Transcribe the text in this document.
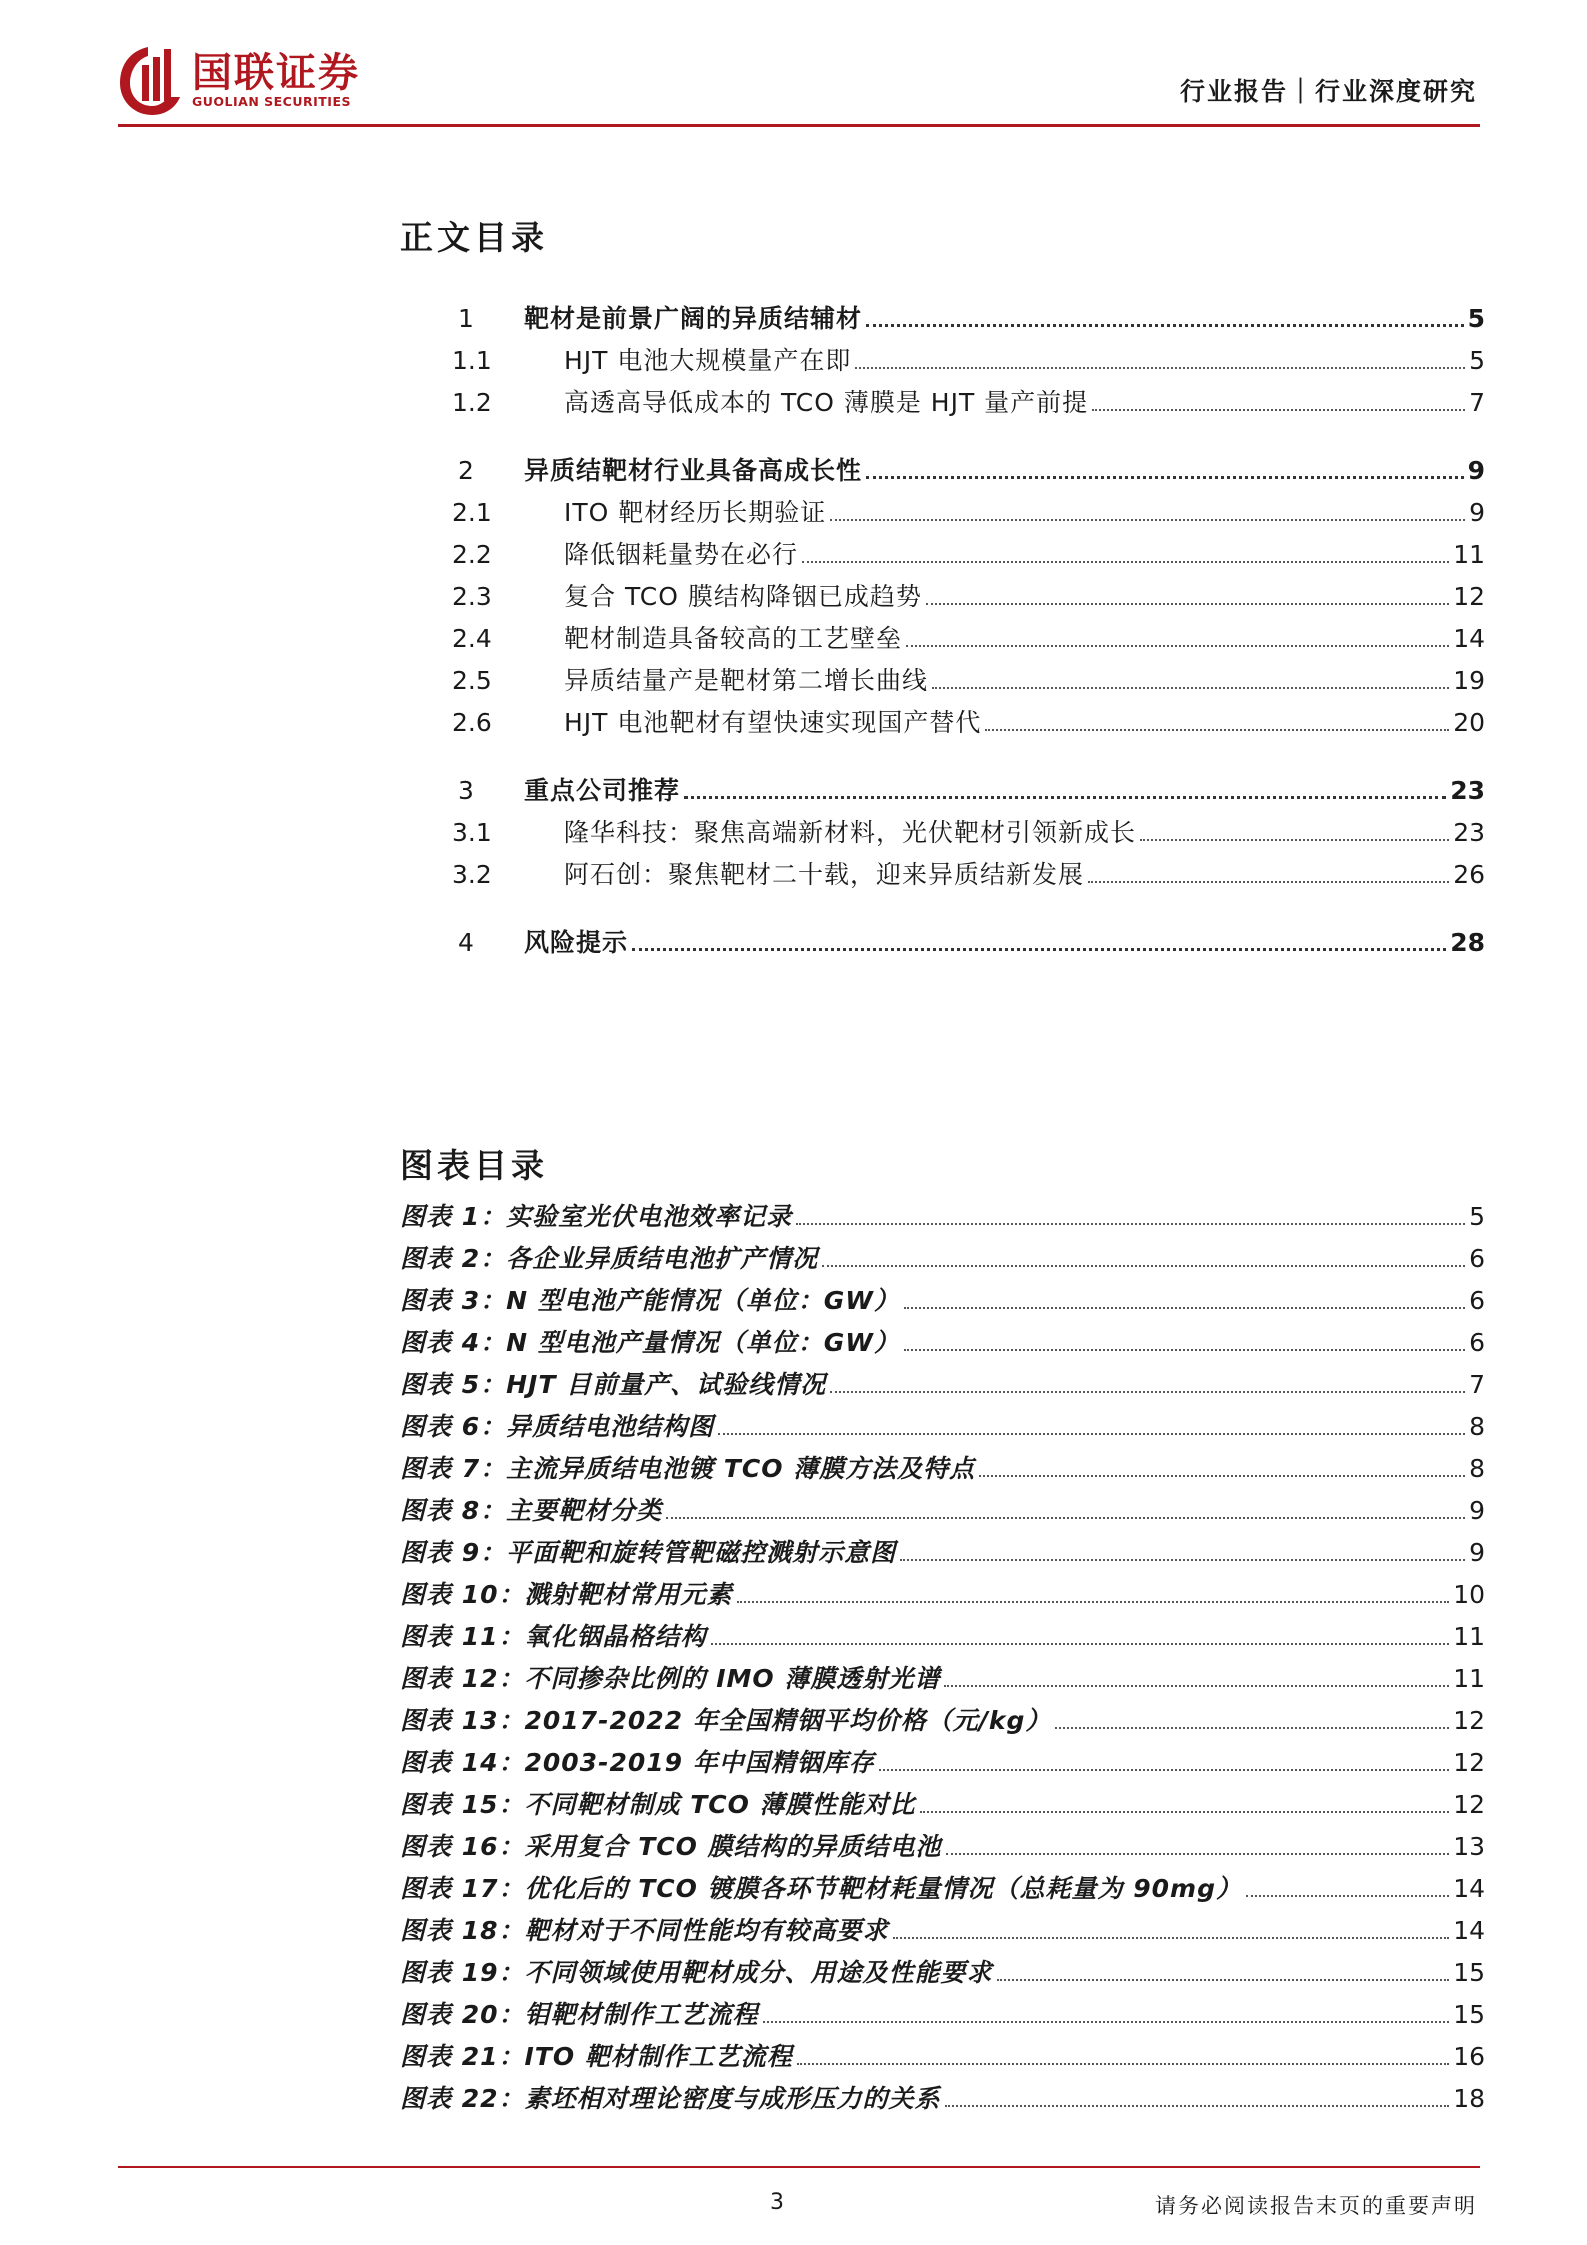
国联证券
GUOLIAN SECURITIES	行业报告｜行业深度研究
正文目录
1	靶材是前景广阔的异质结辅材	5
1.1	HJT 电池大规模量产在即	5
1.2	高透高导低成本的 TCO 薄膜是 HJT 量产前提	7
2	异质结靶材行业具备高成长性	9
2.1	ITO 靶材经历长期验证	9
2.2	降低铟耗量势在必行	11
2.3	复合 TCO 膜结构降铟已成趋势	12
2.4	靶材制造具备较高的工艺壁垒	14
2.5	异质结量产是靶材第二增长曲线	19
2.6	HJT 电池靶材有望快速实现国产替代	20
3	重点公司推荐	23
3.1	隆华科技：聚焦高端新材料，光伏靶材引领新成长	23
3.2	阿石创：聚焦靶材二十载，迎来异质结新发展	26
4	风险提示	28
图表目录
图表 1：实验室光伏电池效率记录	5
图表 2：各企业异质结电池扩产情况	6
图表 3：N 型电池产能情况（单位：GW）	6
图表 4：N 型电池产量情况（单位：GW）	6
图表 5：HJT 目前量产、试验线情况	7
图表 6：异质结电池结构图	8
图表 7：主流异质结电池镀 TCO 薄膜方法及特点	8
图表 8：主要靶材分类	9
图表 9：平面靶和旋转管靶磁控溅射示意图	9
图表 10：溅射靶材常用元素	10
图表 11：氧化铟晶格结构	11
图表 12：不同掺杂比例的 IMO 薄膜透射光谱	11
图表 13：2017-2022 年全国精铟平均价格（元/kg）	12
图表 14：2003-2019 年中国精铟库存	12
图表 15：不同靶材制成 TCO 薄膜性能对比	12
图表 16：采用复合 TCO 膜结构的异质结电池	13
图表 17：优化后的 TCO 镀膜各环节靶材耗量情况（总耗量为 90mg）	14
图表 18：靶材对于不同性能均有较高要求	14
图表 19：不同领域使用靶材成分、用途及性能要求	15
图表 20：钼靶材制作工艺流程	15
图表 21：ITO 靶材制作工艺流程	16
图表 22：素坯相对理论密度与成形压力的关系	18
3	请务必阅读报告末页的重要声明
